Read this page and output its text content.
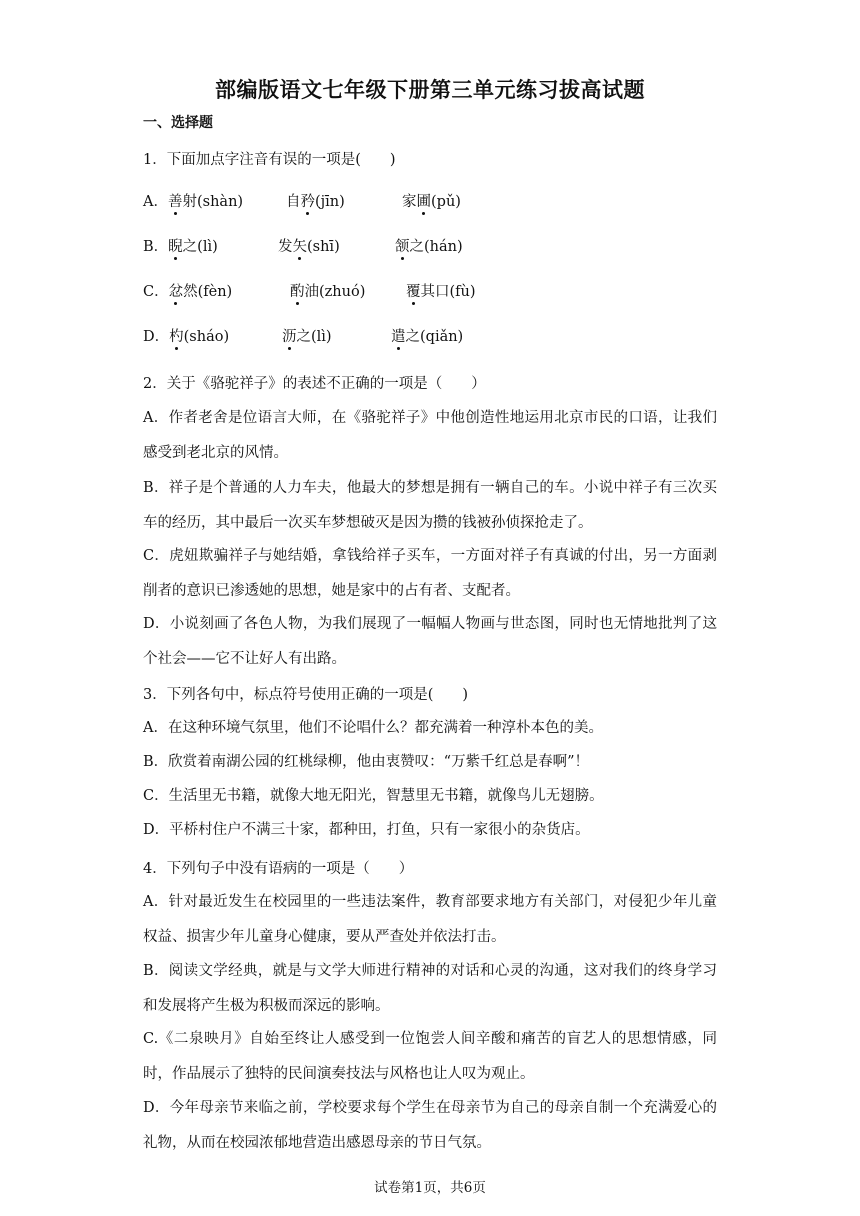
部编版语文七年级下册第三单元练习拔高试题
一、选择题
1．下面加点字注音有误的一项是(　　)
A．善射(shàn)	自矜(jīn)	家圃(pǔ)
B．睨之(lì)	发矢(shī)	颔之(hán)
C．忿然(fèn)	酌油(zhuó)	覆其口(fù)
D．杓(sháo)	沥之(lì)	遣之(qiǎn)
2．关于《骆驼祥子》的表述不正确的一项是（　　）
A．作者老舍是位语言大师，在《骆驼祥子》中他创造性地运用北京市民的口语，让我们感受到老北京的风情。
B．祥子是个普通的人力车夫，他最大的梦想是拥有一辆自己的车。小说中祥子有三次买车的经历，其中最后一次买车梦想破灭是因为攒的钱被孙侦探抢走了。
C．虎妞欺骗祥子与她结婚，拿钱给祥子买车，一方面对祥子有真诚的付出，另一方面剥削者的意识已渗透她的思想，她是家中的占有者、支配者。
D．小说刻画了各色人物，为我们展现了一幅幅人物画与世态图，同时也无情地批判了这个社会——它不让好人有出路。
3．下列各句中，标点符号使用正确的一项是(　　)
A．在这种环境气氛里，他们不论唱什么？都充满着一种淳朴本色的美。
B．欣赏着南湖公园的红桃绿柳，他由衷赞叹：“万紫千红总是春啊”！
C．生活里无书籍，就像大地无阳光，智慧里无书籍，就像鸟儿无翅膀。
D．平桥村住户不满三十家，都种田，打鱼，只有一家很小的杂货店。
4．下列句子中没有语病的一项是（　　）
A．针对最近发生在校园里的一些违法案件，教育部要求地方有关部门，对侵犯少年儿童权益、损害少年儿童身心健康，要从严查处并依法打击。
B．阅读文学经典，就是与文学大师进行精神的对话和心灵的沟通，这对我们的终身学习和发展将产生极为积极而深远的影响。
C.《二泉映月》自始至终让人感受到一位饱尝人间辛酸和痛苦的盲艺人的思想情感，同时，作品展示了独特的民间演奏技法与风格也让人叹为观止。
D．今年母亲节来临之前，学校要求每个学生在母亲节为自己的母亲自制一个充满爱心的礼物，从而在校园浓郁地营造出感恩母亲的节日气氛。
试卷第1页，共6页
